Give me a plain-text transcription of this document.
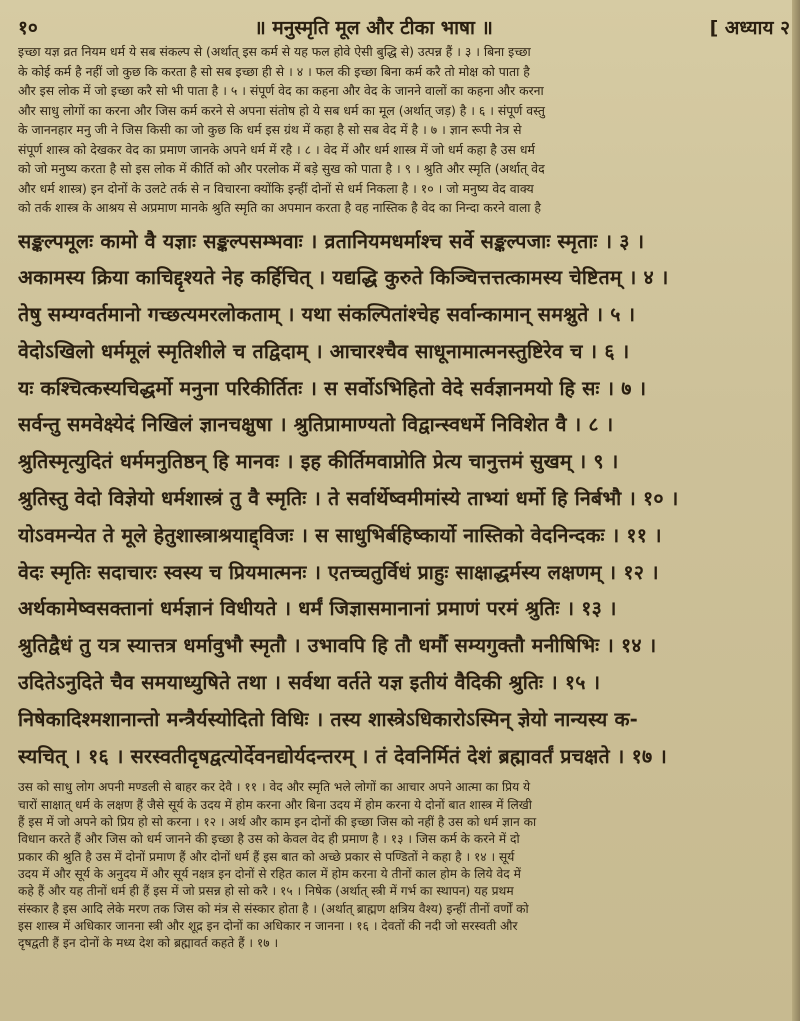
१०	॥ मनुस्मृति मूल और टीका भाषा ॥	[ अध्याय २

इच्छा यज्ञ व्रत नियम धर्म ये सब संकल्प से (अर्थात् इस कर्म से यह फल होवे ऐसी बुद्धि से) उत्पन्न हैं । ३ । बिना इच्छा

के कोई कर्म है नहीं जो कुछ कि करता है सो सब इच्छा ही से । ४ । फल की इच्छा बिना कर्म करै तो मोक्ष को पाता है

और इस लोक में जो इच्छा करै सो भी पाता है । ५ । संपूर्ण वेद का कहना और वेद के जानने वालों का कहना और करना

और साधु लोगों का करना और जिस कर्म करने से अपना संतोष हो ये सब धर्म का मूल (अर्थात् जड़) है । ६ । संपूर्ण वस्तु

के जाननहार मनु जी ने जिस किसी का जो कुछ कि धर्म इस ग्रंथ में कहा है सो सब वेद में है । ७ । ज्ञान रूपी नेत्र से

संपूर्ण शास्त्र को देखकर वेद का प्रमाण जानके अपने धर्म में रहै । ८ । वेद में और धर्म शास्त्र में जो धर्म कहा है उस धर्म

को जो मनुष्य करता है सो इस लोक में कीर्ति को और परलोक में बड़े सुख को पाता है । ९ । श्रुति और स्मृति (अर्थात् वेद

और धर्म शास्त्र) इन दोनों के उलटे तर्क से न विचारना क्योंकि इन्हीं दोनों से धर्म निकला है । १० । जो मनुष्य वेद वाक्य

को तर्क शास्त्र के आश्रय से अप्रमाण मानके श्रुति स्मृति का अपमान करता है वह नास्तिक है वेद का निन्दा करने वाला है

सङ्कल्पमूलः कामो वै यज्ञाः सङ्कल्पसम्भवाः । व्रतानियमधर्माश्च सर्वे सङ्कल्पजाः स्मृताः । ३ ।

अकामस्य क्रिया काचिद्दृश्यते नेह कर्हिचित् । यद्यद्धि कुरुते किञ्चित्तत्तत्कामस्य चेष्टितम् । ४ ।

तेषु सम्यग्वर्तमानो गच्छत्यमरलोकताम् । यथा संकल्पितांश्चेह सर्वान्कामान् समश्नुते । ५ ।

वेदोऽखिलो धर्ममूलं स्मृतिशीले च तद्विदाम् । आचारश्चैव साधूनामात्मनस्तुष्टिरेव च । ६ ।

यः कश्चित्कस्यचिद्धर्मो मनुना परिकीर्तितः । स सर्वोऽभिहितो वेदे सर्वज्ञानमयो हि सः । ७ ।

सर्वन्तु समवेक्ष्येदं निखिलं ज्ञानचक्षुषा । श्रुतिप्रामाण्यतो विद्वान्स्वधर्मे निविशेत वै । ८ ।

श्रुतिस्मृत्युदितं धर्ममनुतिष्ठन् हि मानवः । इह कीर्तिमवाप्नोति प्रेत्य चानुत्तमं सुखम् । ९ ।

श्रुतिस्तु वेदो विज्ञेयो धर्मशास्त्रं तु वै स्मृतिः । ते सर्वार्थेष्वमीमांस्ये ताभ्यां धर्मो हि निर्बभौ । १० ।

योऽवमन्येत ते मूले हेतुशास्त्राश्रयाद्द्विजः । स साधुभिर्बहिष्कार्यो नास्तिको वेदनिन्दकः । ११ ।

वेदः स्मृतिः सदाचारः स्वस्य च प्रियमात्मनः । एतच्चतुर्विधं प्राहुः साक्षाद्धर्मस्य लक्षणम् । १२ ।

अर्थकामेष्वसक्तानां धर्मज्ञानं विधीयते । धर्मं जिज्ञासमानानां प्रमाणं परमं श्रुतिः । १३ ।

श्रुतिद्वैधं तु यत्र स्यात्तत्र धर्मावुभौ स्मृतौ । उभावपि हि तौ धर्मौ सम्यगुक्तौ मनीषिभिः । १४ ।

उदितेऽनुदिते चैव समयाध्युषिते तथा । सर्वथा वर्तते यज्ञ इतीयं वैदिकी श्रुतिः । १५ ।

निषेकादिश्मशानान्तो मन्त्रैर्यस्योदितो विधिः । तस्य शास्त्रेऽधिकारोऽस्मिन् ज्ञेयो नान्यस्य क-

स्यचित् । १६ । सरस्वतीदृषद्वत्योर्देवनद्योर्यदन्तरम् । तं देवनिर्मितं देशं ब्रह्मावर्तं प्रचक्षते । १७ ।

उस को साधु लोग अपनी मण्डली से बाहर कर देवै । ११ । वेद और स्मृति भले लोगों का आचार अपने आत्मा का प्रिय ये

चारों साक्षात् धर्म के लक्षण हैं जैसे सूर्य के उदय में होम करना और बिना उदय में होम करना ये दोनों बात शास्त्र में लिखी

हैं इस में जो अपने को प्रिय हो सो करना । १२ । अर्थ और काम इन दोनों की इच्छा जिस को नहीं है उस को धर्म ज्ञान का

विधान करते हैं और जिस को धर्म जानने की इच्छा है उस को केवल वेद ही प्रमाण है । १३ । जिस कर्म के करने में दो

प्रकार की श्रुति है उस में दोनों प्रमाण हैं और दोनों धर्म हैं इस बात को अच्छे प्रकार से पण्डितों ने कहा है । १४ । सूर्य

उदय में और सूर्य के अनुदय में और सूर्य नक्षत्र इन दोनों से रहित काल में होम करना ये तीनों काल होम के लिये वेद में

कहे हैं और यह तीनों धर्म ही हैं इस में जो प्रसन्न हो सो करै । १५ । निषेक (अर्थात् स्त्री में गर्भ का स्थापन) यह प्रथम

संस्कार है इस आदि लेके मरण तक जिस को मंत्र से संस्कार होता है । (अर्थात् ब्राह्मण क्षत्रिय वैश्य) इन्हीं तीनों वर्णों को

इस शास्त्र में अधिकार जानना स्त्री और शूद्र इन दोनों का अधिकार न जानना । १६ । देवतों की नदी जो सरस्वती और

दृषद्वती हैं इन दोनों के मध्य देश को ब्रह्मावर्त कहते हैं । १७ ।
